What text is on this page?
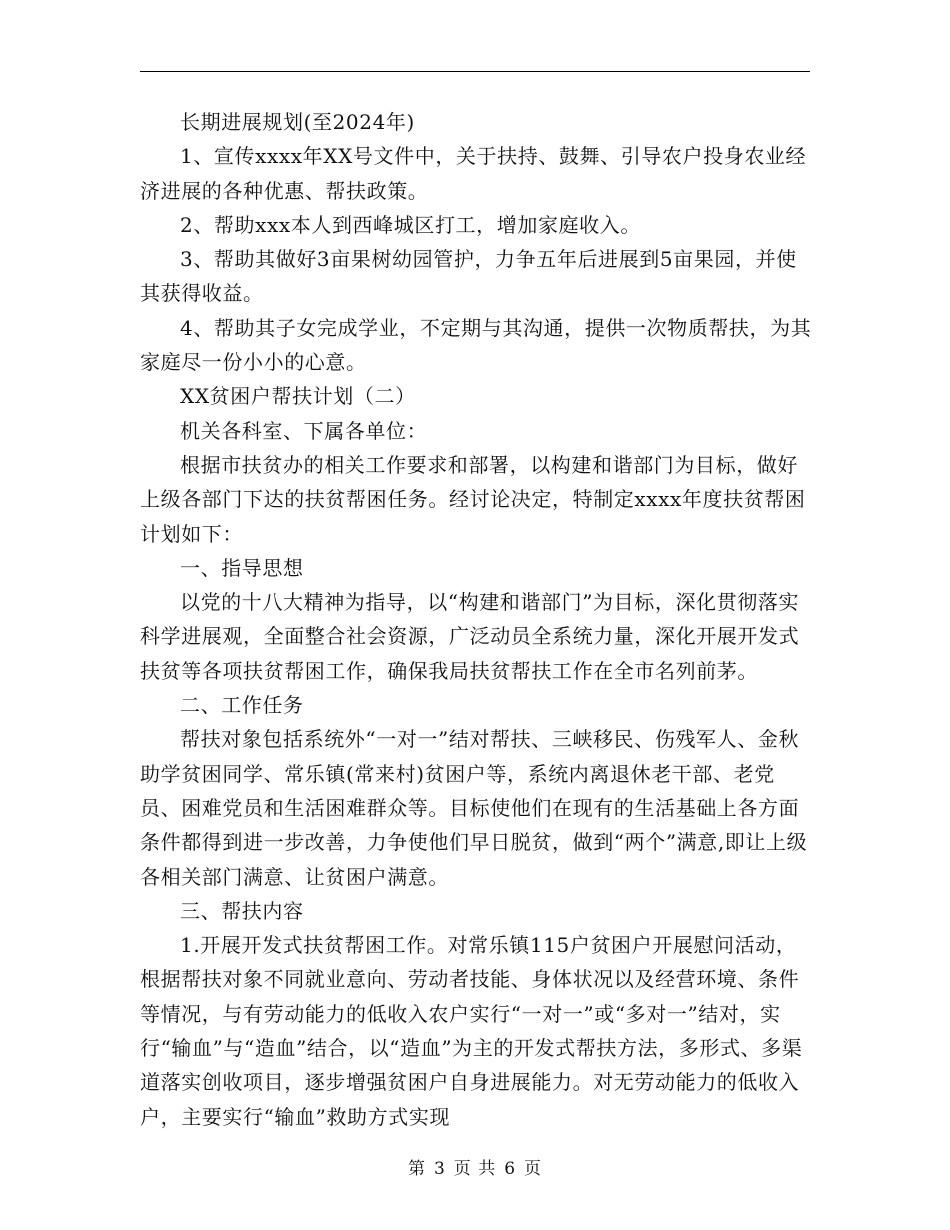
长期进展规划(至2024年)

1、宣传xxxx年XX号文件中，关于扶持、鼓舞、引导农户投身农业经济进展的各种优惠、帮扶政策。

2、帮助xxx本人到西峰城区打工，增加家庭收入。

3、帮助其做好3亩果树幼园管护，力争五年后进展到5亩果园，并使其获得收益。

4、帮助其子女完成学业，不定期与其沟通，提供一次物质帮扶，为其家庭尽一份小小的心意。

XX贫困户帮扶计划（二）

机关各科室、下属各单位：

根据市扶贫办的相关工作要求和部署，以构建和谐部门为目标，做好上级各部门下达的扶贫帮困任务。经讨论决定，特制定xxxx年度扶贫帮困计划如下：

一、指导思想

以党的十八大精神为指导，以“构建和谐部门”为目标，深化贯彻落实科学进展观，全面整合社会资源，广泛动员全系统力量，深化开展开发式扶贫等各项扶贫帮困工作，确保我局扶贫帮扶工作在全市名列前茅。

二、工作任务

帮扶对象包括系统外“一对一”结对帮扶、三峡移民、伤残军人、金秋助学贫困同学、常乐镇(常来村)贫困户等，系统内离退休老干部、老党员、困难党员和生活困难群众等。目标使他们在现有的生活基础上各方面条件都得到进一步改善，力争使他们早日脱贫，做到“两个”满意,即让上级各相关部门满意、让贫困户满意。

三、帮扶内容

1.开展开发式扶贫帮困工作。对常乐镇115户贫困户开展慰问活动，根据帮扶对象不同就业意向、劳动者技能、身体状况以及经营环境、条件等情况，与有劳动能力的低收入农户实行“一对一”或“多对一”结对，实行“输血”与“造血”结合，以“造血”为主的开发式帮扶方法，多形式、多渠道落实创收项目，逐步增强贫困户自身进展能力。对无劳动能力的低收入户，主要实行“输血”救助方式实现

第 3 页 共 6 页
